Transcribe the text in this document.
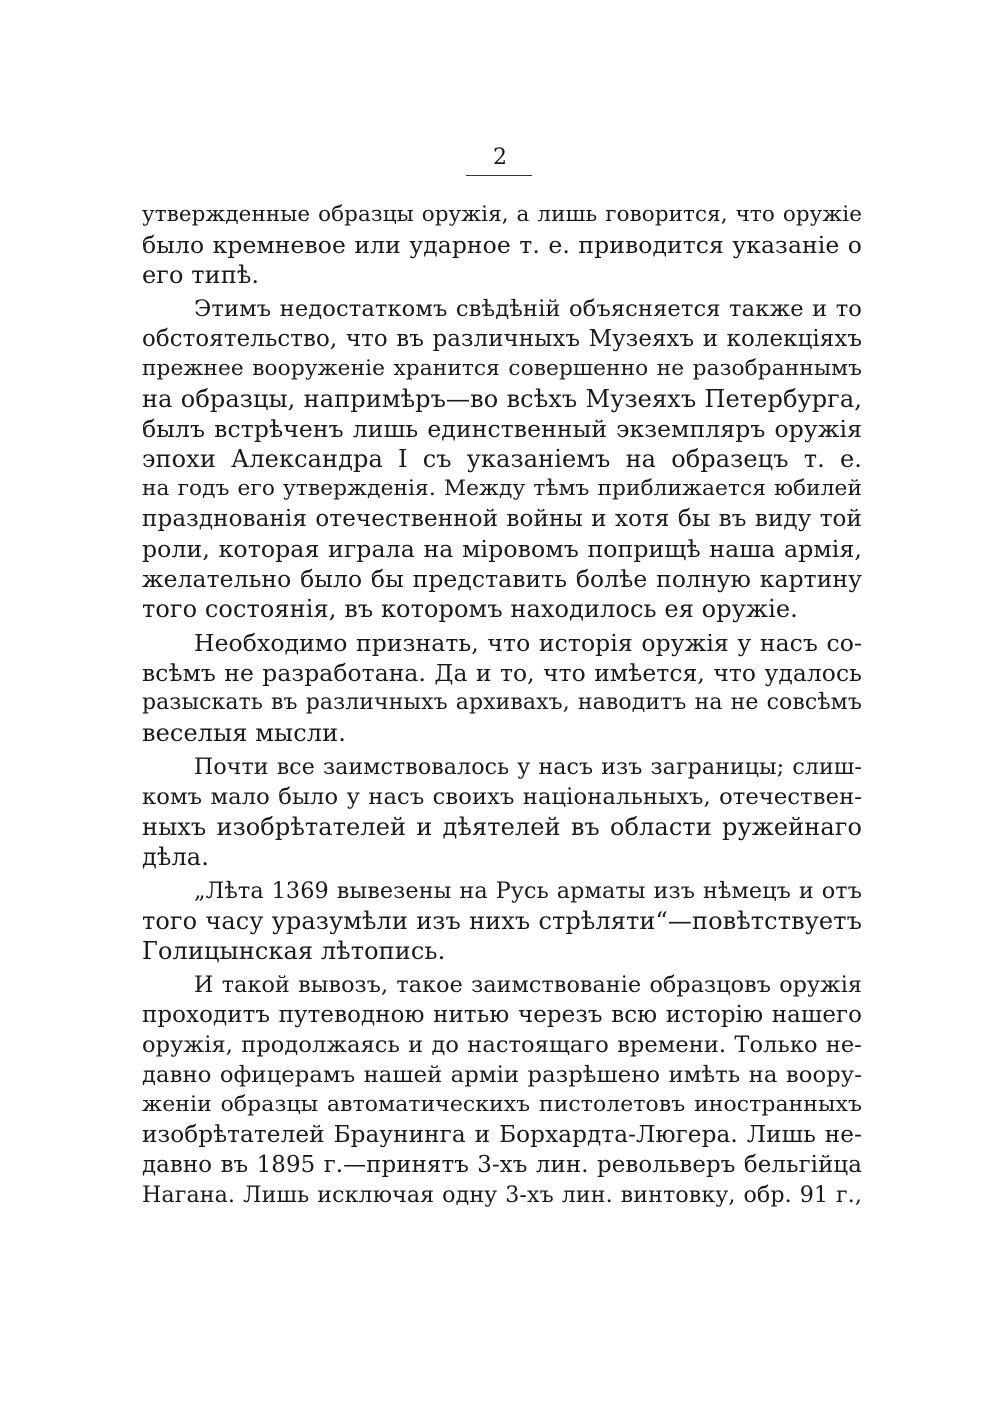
2
утвержденные образцы оружія, а лишь говорится, что оружіе
было кремневое или ударное т. е. приводится указаніе о
его типѣ.
Этимъ недостаткомъ свѣдѣній объясняется также и то
обстоятельство, что въ различныхъ Музеяхъ и колекціяхъ
прежнее вооруженіе хранится совершенно не разобраннымъ
на образцы, напримѣръ—во всѣхъ Музеяхъ Петербурга,
былъ встрѣченъ лишь единственный экземпляръ оружія
эпохи Александра I съ указаніемъ на образецъ т. е.
на годъ его утвержденія. Между тѣмъ приближается юбилей
празднованія отечественной войны и хотя бы въ виду той
роли, которая играла на міровомъ поприщѣ наша армія,
желательно было бы представить болѣе полную картину
того состоянія, въ которомъ находилось ея оружіе.
Необходимо признать, что исторія оружія у насъ со-
всѣмъ не разработана. Да и то, что имѣется, что удалось
разыскать въ различныхъ архивахъ, наводитъ на не совсѣмъ
веселыя мысли.
Почти все заимствовалось у насъ изъ заграницы; слиш-
комъ мало было у насъ своихъ національныхъ, отечествен-
ныхъ изобрѣтателей и дѣятелей въ области ружейнаго
дѣла.
„Лѣта 1369 вывезены на Русь арматы изъ нѣмецъ и отъ
того часу уразумѣли изъ нихъ стрѣляти“—повѣтствуетъ
Голицынская лѣтопись.
И такой вывозъ, такое заимствованіе образцовъ оружія
проходитъ путеводною нитью черезъ всю исторію нашего
оружія, продолжаясь и до настоящаго времени. Только не-
давно офицерамъ нашей арміи разрѣшено имѣть на воору-
женіи образцы автоматическихъ пистолетовъ иностранныхъ
изобрѣтателей Браунинга и Борхардта-Люгера. Лишь не-
давно въ 1895 г.—принятъ 3-хъ лин. револьверъ бельгійца
Нагана. Лишь исключая одну 3-хъ лин. винтовку, обр. 91 г.,
